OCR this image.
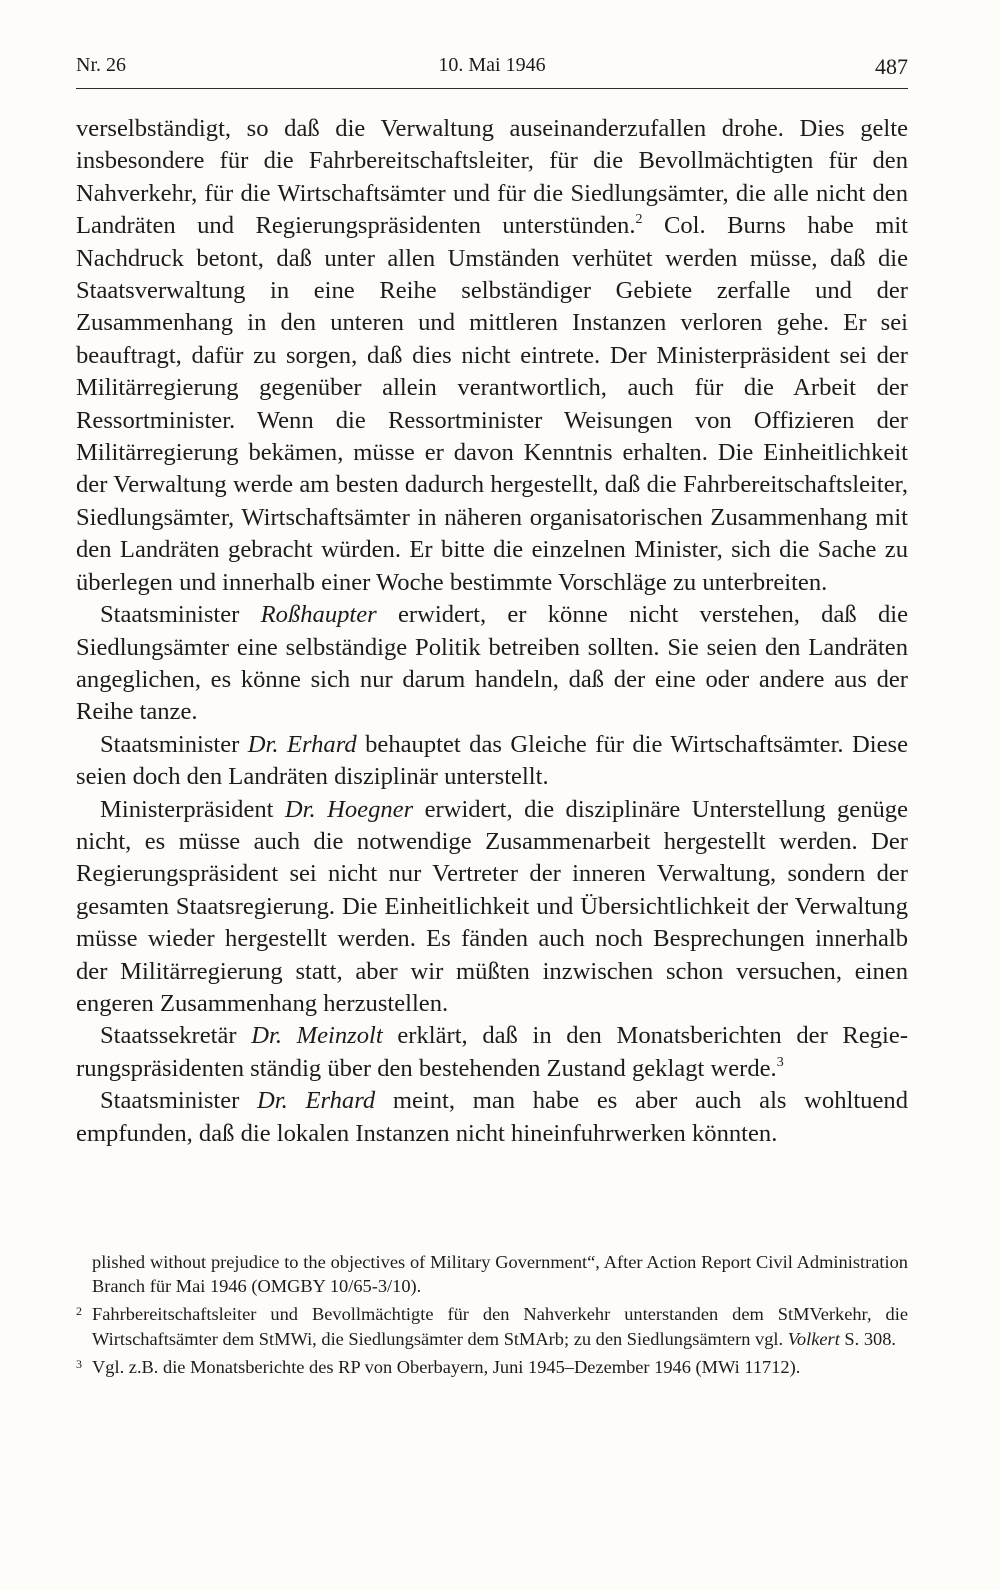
Nr. 26	10. Mai 1946	487

verselbständigt, so daß die Verwaltung auseinanderzufallen drohe. Dies gelte insbesondere für die Fahrbereitschaftsleiter, für die Bevollmächtigten für den Nahverkehr, für die Wirtschaftsämter und für die Siedlungsämter, die alle nicht den Landräten und Regierungspräsidenten unterstünden.$^2$ Col. Burns habe mit Nachdruck betont, daß unter allen Umständen verhütet werden müsse, daß die Staatsverwaltung in eine Reihe selbständiger Gebiete zerfalle und der Zusammenhang in den unteren und mittleren Instanzen verloren gehe. Er sei beauftragt, dafür zu sorgen, daß dies nicht eintrete. Der Ministerpräsident sei der Militärregierung gegenüber allein verantwortlich, auch für die Arbeit der Ressortminister. Wenn die Ressortminister Weisungen von Offizieren der Militärregierung bekämen, müsse er davon Kenntnis erhalten. Die Einheitlichkeit der Verwaltung werde am besten dadurch hergestellt, daß die Fahrbereitschaftsleiter, Siedlungsämter, Wirtschaftsämter in näheren organisatorischen Zusammenhang mit den Landräten gebracht würden. Er bitte die einzelnen Minister, sich die Sache zu überlegen und innerhalb einer Woche bestimmte Vorschläge zu unterbreiten.

Staatsminister Roßhaupter erwidert, er könne nicht verstehen, daß die Siedlungsämter eine selbständige Politik betreiben sollten. Sie seien den Landräten angeglichen, es könne sich nur darum handeln, daß der eine oder andere aus der Reihe tanze.

Staatsminister Dr. Erhard behauptet das Gleiche für die Wirtschaftsämter. Diese seien doch den Landräten disziplinär unterstellt.

Ministerpräsident Dr. Hoegner erwidert, die disziplinäre Unterstellung genüge nicht, es müsse auch die notwendige Zusammenarbeit hergestellt werden. Der Regierungspräsident sei nicht nur Vertreter der inneren Verwaltung, sondern der gesamten Staatsregierung. Die Einheitlichkeit und Übersichtlichkeit der Verwaltung müsse wieder hergestellt werden. Es fänden auch noch Besprechungen innerhalb der Militärregierung statt, aber wir müßten inzwischen schon versuchen, einen engeren Zusammenhang herzustellen.

Staatssekretär Dr. Meinzolt erklärt, daß in den Monatsberichten der Regierungspräsidenten ständig über den bestehenden Zustand geklagt werde.$^3$

Staatsminister Dr. Erhard meint, man habe es aber auch als wohltuend empfunden, daß die lokalen Instanzen nicht hineinfuhrwerken könnten.

plished without prejudice to the objectives of Military Government“, After Action Report Civil Administration Branch für Mai 1946 (OMGBY 10/65-3/10).

2 Fahrbereitschaftsleiter und Bevollmächtigte für den Nahverkehr unterstanden dem StMVerkehr, die Wirtschaftsämter dem StMWi, die Siedlungsämter dem StMArb; zu den Siedlungsämtern vgl. Volkert S. 308.

3 Vgl. z.B. die Monatsberichte des RP von Oberbayern, Juni 1945–Dezember 1946 (MWi 11712).
